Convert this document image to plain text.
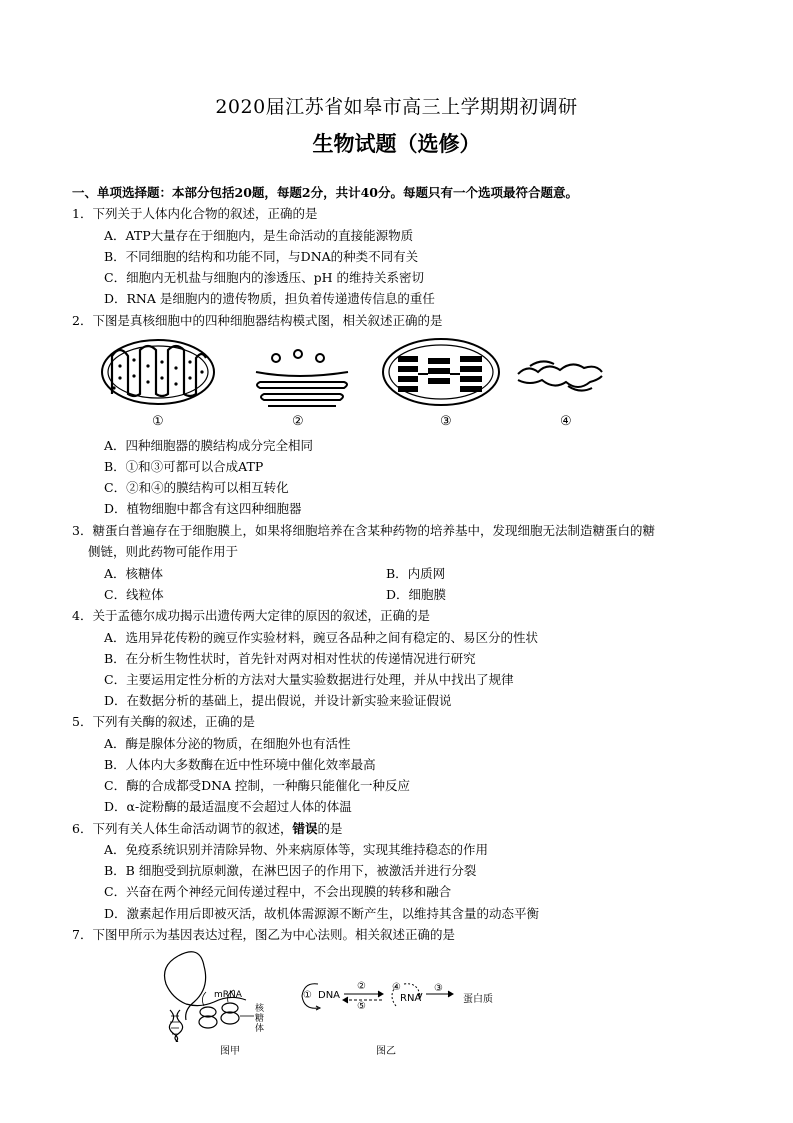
2020届江苏省如皋市高三上学期期初调研
生物试题（选修）
一、单项选择题：本部分包括20题，每题2分，共计40分。每题只有一个选项最符合题意。
1．下列关于人体内化合物的叙述，正确的是
A．ATP大量存在于细胞内，是生命活动的直接能源物质
B．不同细胞的结构和功能不同，与DNA的种类不同有关
C．细胞内无机盐与细胞内的渗透压、pH 的维持关系密切
D．RNA 是细胞内的遗传物质，担负着传递遗传信息的重任
2．下图是真核细胞中的四种细胞器结构模式图，相关叙述正确的是
①	②	③	④
A．四种细胞器的膜结构成分完全相同
B．①和③可都可以合成ATP
C．②和④的膜结构可以相互转化
D．植物细胞中都含有这四种细胞器
3．糖蛋白普遍存在于细胞膜上，如果将细胞培养在含某种药物的培养基中，发现细胞无法制造糖蛋白的糖
侧链，则此药物可能作用于
A．核糖体	B．内质网
C．线粒体	D．细胞膜
4．关于孟德尔成功揭示出遗传两大定律的原因的叙述，正确的是
A．选用异花传粉的豌豆作实验材料，豌豆各品种之间有稳定的、易区分的性状
B．在分析生物性状时，首先针对两对相对性状的传递情况进行研究
C．主要运用定性分析的方法对大量实验数据进行处理，并从中找出了规律
D．在数据分析的基础上，提出假说，并设计新实验来验证假说
5．下列有关酶的叙述，正确的是
A．酶是腺体分泌的物质，在细胞外也有活性
B．人体内大多数酶在近中性环境中催化效率最高
C．酶的合成都受DNA 控制，一种酶只能催化一种反应
D．α-淀粉酶的最适温度不会超过人体的体温
6．下列有关人体生命活动调节的叙述，错误的是
A．免疫系统识别并清除异物、外来病原体等，实现其维持稳态的作用
B．B 细胞受到抗原刺激，在淋巴因子的作用下，被激活并进行分裂
C．兴奋在两个神经元间传递过程中，不会出现膜的转移和融合
D．激素起作用后即被灭活，故机体需源源不断产生，以维持其含量的动态平衡
7．下图甲所示为基因表达过程，图乙为中心法则。相关叙述正确的是
mRNA
核
糖
体
图甲
① DNA
②
⑤
④
RNA
③
蛋白质
图乙
